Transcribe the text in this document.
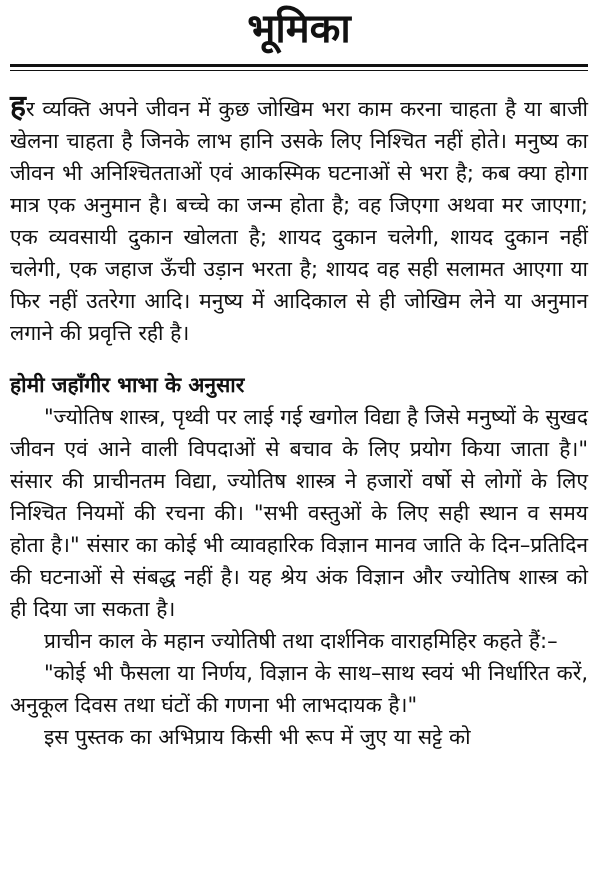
भूमिका

हर व्यक्ति अपने जीवन में कुछ जोखिम भरा काम करना चाहता है या बाजी खेलना चाहता है जिनके लाभ हानि उसके लिए निश्चित नहीं होते। मनुष्य का जीवन भी अनिश्चितताओं एवं आकस्मिक घटनाओं से भरा है; कब क्या होगा मात्र एक अनुमान है। बच्चे का जन्म होता है; वह जिएगा अथवा मर जाएगा; एक व्यवसायी दुकान खोलता है; शायद दुकान चलेगी, शायद दुकान नहीं चलेगी, एक जहाज ऊँची उड़ान भरता है; शायद वह सही सलामत आएगा या फिर नहीं उतरेगा आदि। मनुष्य में आदिकाल से ही जोखिम लेने या अनुमान लगाने की प्रवृत्ति रही है।

होमी जहाँगीर भाभा के अनुसार

"ज्योतिष शास्त्र, पृथ्वी पर लाई गई खगोल विद्या है जिसे मनुष्यों के सुखद जीवन एवं आने वाली विपदाओं से बचाव के लिए प्रयोग किया जाता है।" संसार की प्राचीनतम विद्या, ज्योतिष शास्त्र ने हजारों वर्षो से लोगों के लिए निश्चित नियमों की रचना की। "सभी वस्तुओं के लिए सही स्थान व समय होता है।" संसार का कोई भी व्यावहारिक विज्ञान मानव जाति के दिन–प्रतिदिन की घटनाओं से संबद्ध नहीं है। यह श्रेय अंक विज्ञान और ज्योतिष शास्त्र को ही दिया जा सकता है।

प्राचीन काल के महान ज्योतिषी तथा दार्शनिक वाराहमिहिर कहते हैं:–

"कोई भी फैसला या निर्णय, विज्ञान के साथ–साथ स्वयं भी निर्धारित करें, अनुकूल दिवस तथा घंटों की गणना भी लाभदायक है।"

इस पुस्तक का अभिप्राय किसी भी रूप में जुए या सट्टे को
